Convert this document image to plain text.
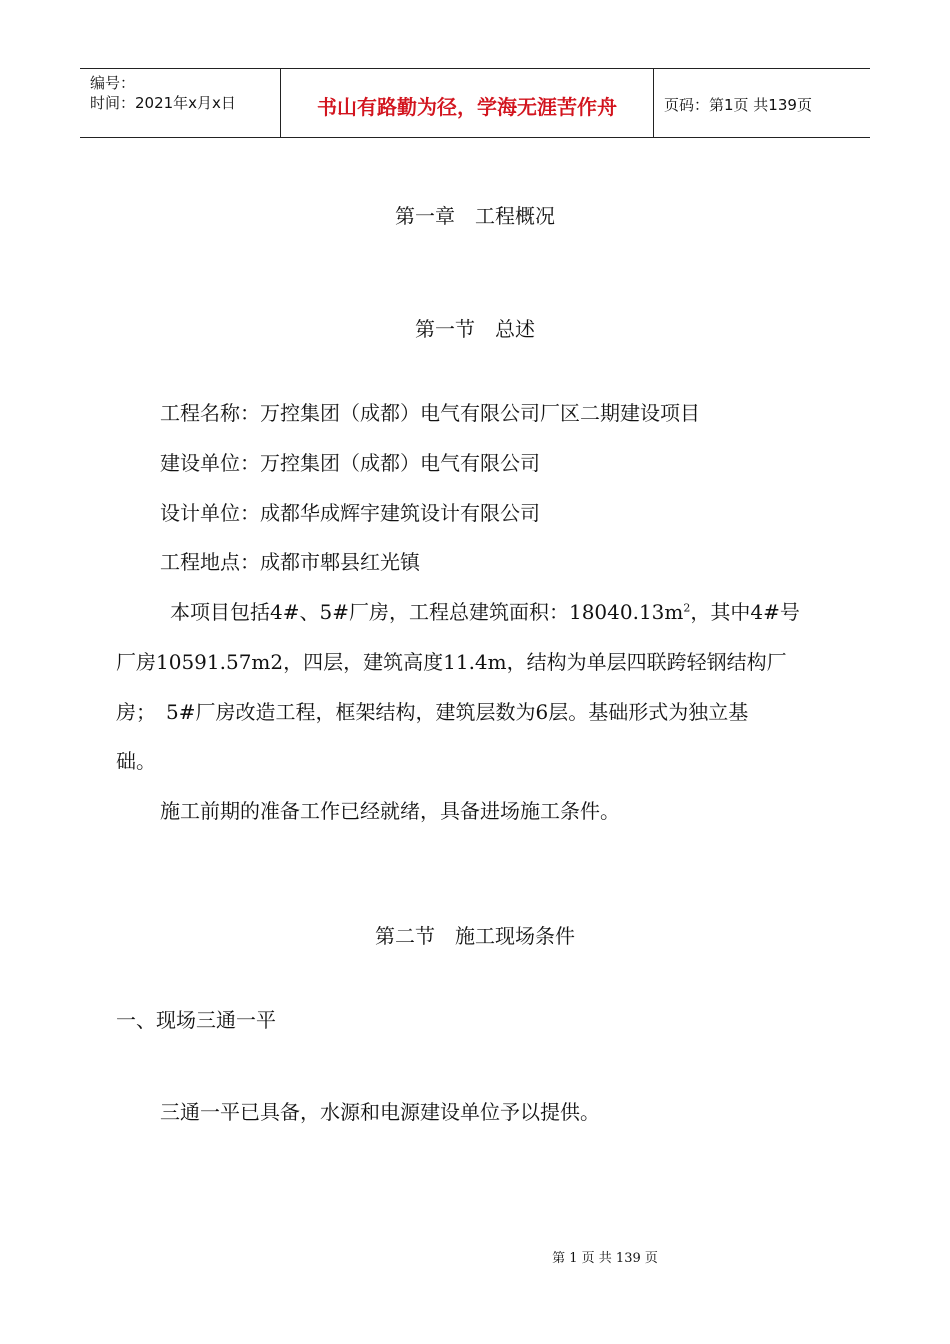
编号：
时间：2021年x月x日	书山有路勤为径，学海无涯苦作舟	页码：第1页 共139页
第一章　工程概况
第一节　总述
工程名称：万控集团（成都）电气有限公司厂区二期建设项目
建设单位：万控集团（成都）电气有限公司
设计单位：成都华成辉宇建筑设计有限公司
工程地点：成都市郫县红光镇
本项目包括4#、5#厂房，工程总建筑面积：$18040.13m^2$，其中4#号
厂房10591.57m2，四层，建筑高度11.4m，结构为单层四联跨轻钢结构厂
房；　5#厂房改造工程，框架结构，建筑层数为6层。基础形式为独立基
础。
施工前期的准备工作已经就绪，具备进场施工条件。
第二节　施工现场条件
一、现场三通一平
三通一平已具备，水源和电源建设单位予以提供。
第 1 页 共 139 页
